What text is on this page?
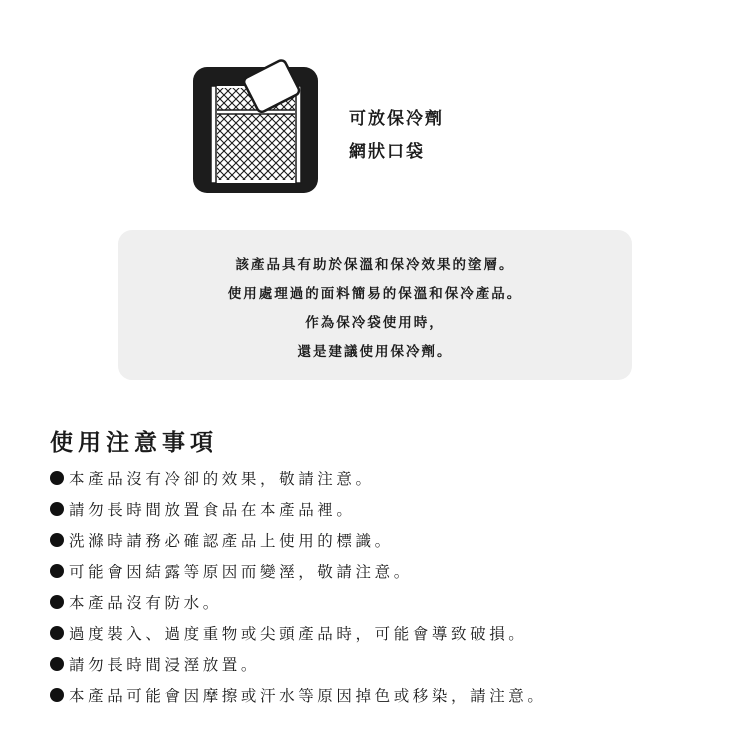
可放保冷劑
網狀口袋
該產品具有助於保溫和保冷效果的塗層。
使用處理過的面料簡易的保溫和保冷產品。
作為保冷袋使用時，
還是建議使用保冷劑。
使用注意事項
本產品沒有冷卻的效果，敬請注意。
請勿長時間放置食品在本產品裡。
洗滌時請務必確認產品上使用的標識。
可能會因結露等原因而變溼，敬請注意。
本產品沒有防水。
過度裝入、過度重物或尖頭產品時，可能會導致破損。
請勿長時間浸溼放置。
本產品可能會因摩擦或汗水等原因掉色或移染，請注意。
